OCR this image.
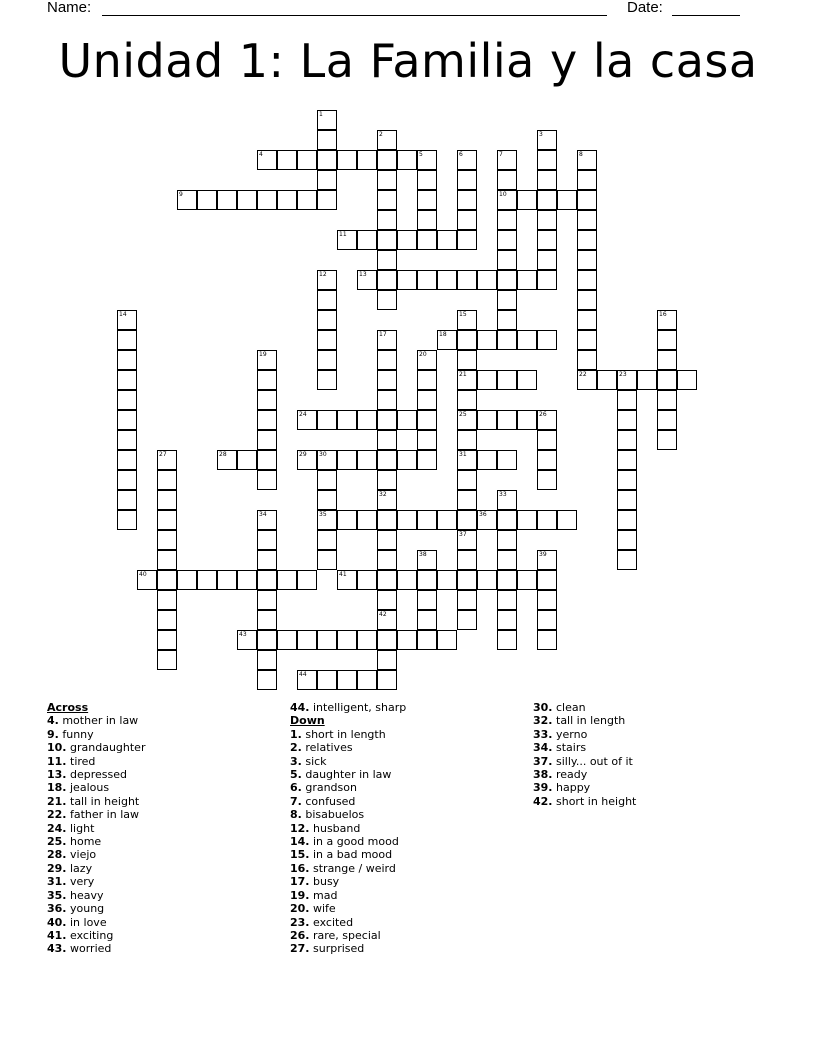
Name:	Date:
Unidad 1: La Familia y la casa
1
2	3
4	5	6	7
10
8
22
9
11
12	13
14	15
21
25
31
37
16
17
32
42
18
19	20
23
24	26
27	28	29 30
35
33
34	36
38	39
40	41
43
44
Across
4. mother in law
9. funny
10. grandaughter
11. tired
13. depressed
18. jealous
21. tall in height
22. father in law
24. light
25. home
28. viejo
29. lazy
31. very
35. heavy
36. young
40. in love
41. exciting
43. worried
44. intelligent, sharp
Down
1. short in length
2. relatives
3. sick
5. daughter in law
6. grandson
7. confused
8. bisabuelos
12. husband
14. in a good mood
15. in a bad mood
16. strange / weird
17. busy
19. mad
20. wife
23. excited
26. rare, special
27. surprised
30. clean
32. tall in length
33. yerno
34. stairs
37. silly... out of it
38. ready
39. happy
42. short in height
